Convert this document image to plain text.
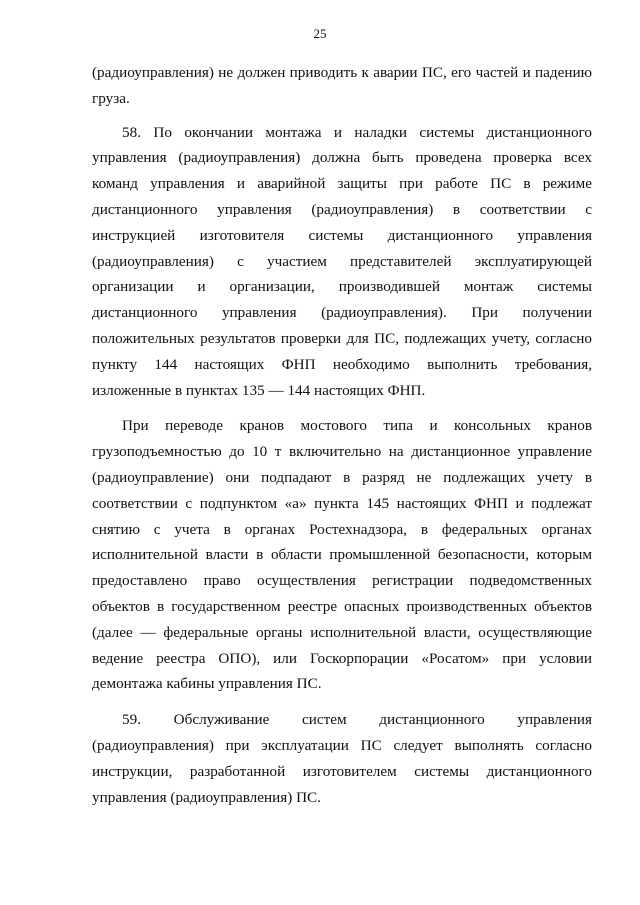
25

(радиоуправления) не должен приводить к аварии ПС, его частей и падению груза.

58. По окончании монтажа и наладки системы дистанционного управления (радиоуправления) должна быть проведена проверка всех команд управления и аварийной защиты при работе ПС в режиме дистанционного управления (радиоуправления) в соответствии с инструкцией изготовителя системы дистанционного управления (радиоуправления) с участием представителей эксплуатирующей организации и организации, производившей монтаж системы дистанционного управления (радиоуправления). При получении положительных результатов проверки для ПС, подлежащих учету, согласно пункту 144 настоящих ФНП необходимо выполнить требования, изложенные в пунктах 135 — 144 настоящих ФНП.

При переводе кранов мостового типа и консольных кранов грузоподъемностью до 10 т включительно на дистанционное управление (радиоуправление) они подпадают в разряд не подлежащих учету в соответствии с подпунктом «а» пункта 145 настоящих ФНП и подлежат снятию с учета в органах Ростехнадзора, в федеральных органах исполнительной власти в области промышленной безопасности, которым предоставлено право осуществления регистрации подведомственных объектов в государственном реестре опасных производственных объектов (далее — федеральные органы исполнительной власти, осуществляющие ведение реестра ОПО), или Госкорпорации «Росатом» при условии демонтажа кабины управления ПС.

59. Обслуживание систем дистанционного управления (радиоуправления) при эксплуатации ПС следует выполнять согласно инструкции, разработанной изготовителем системы дистанционного управления (радиоуправления) ПС.
